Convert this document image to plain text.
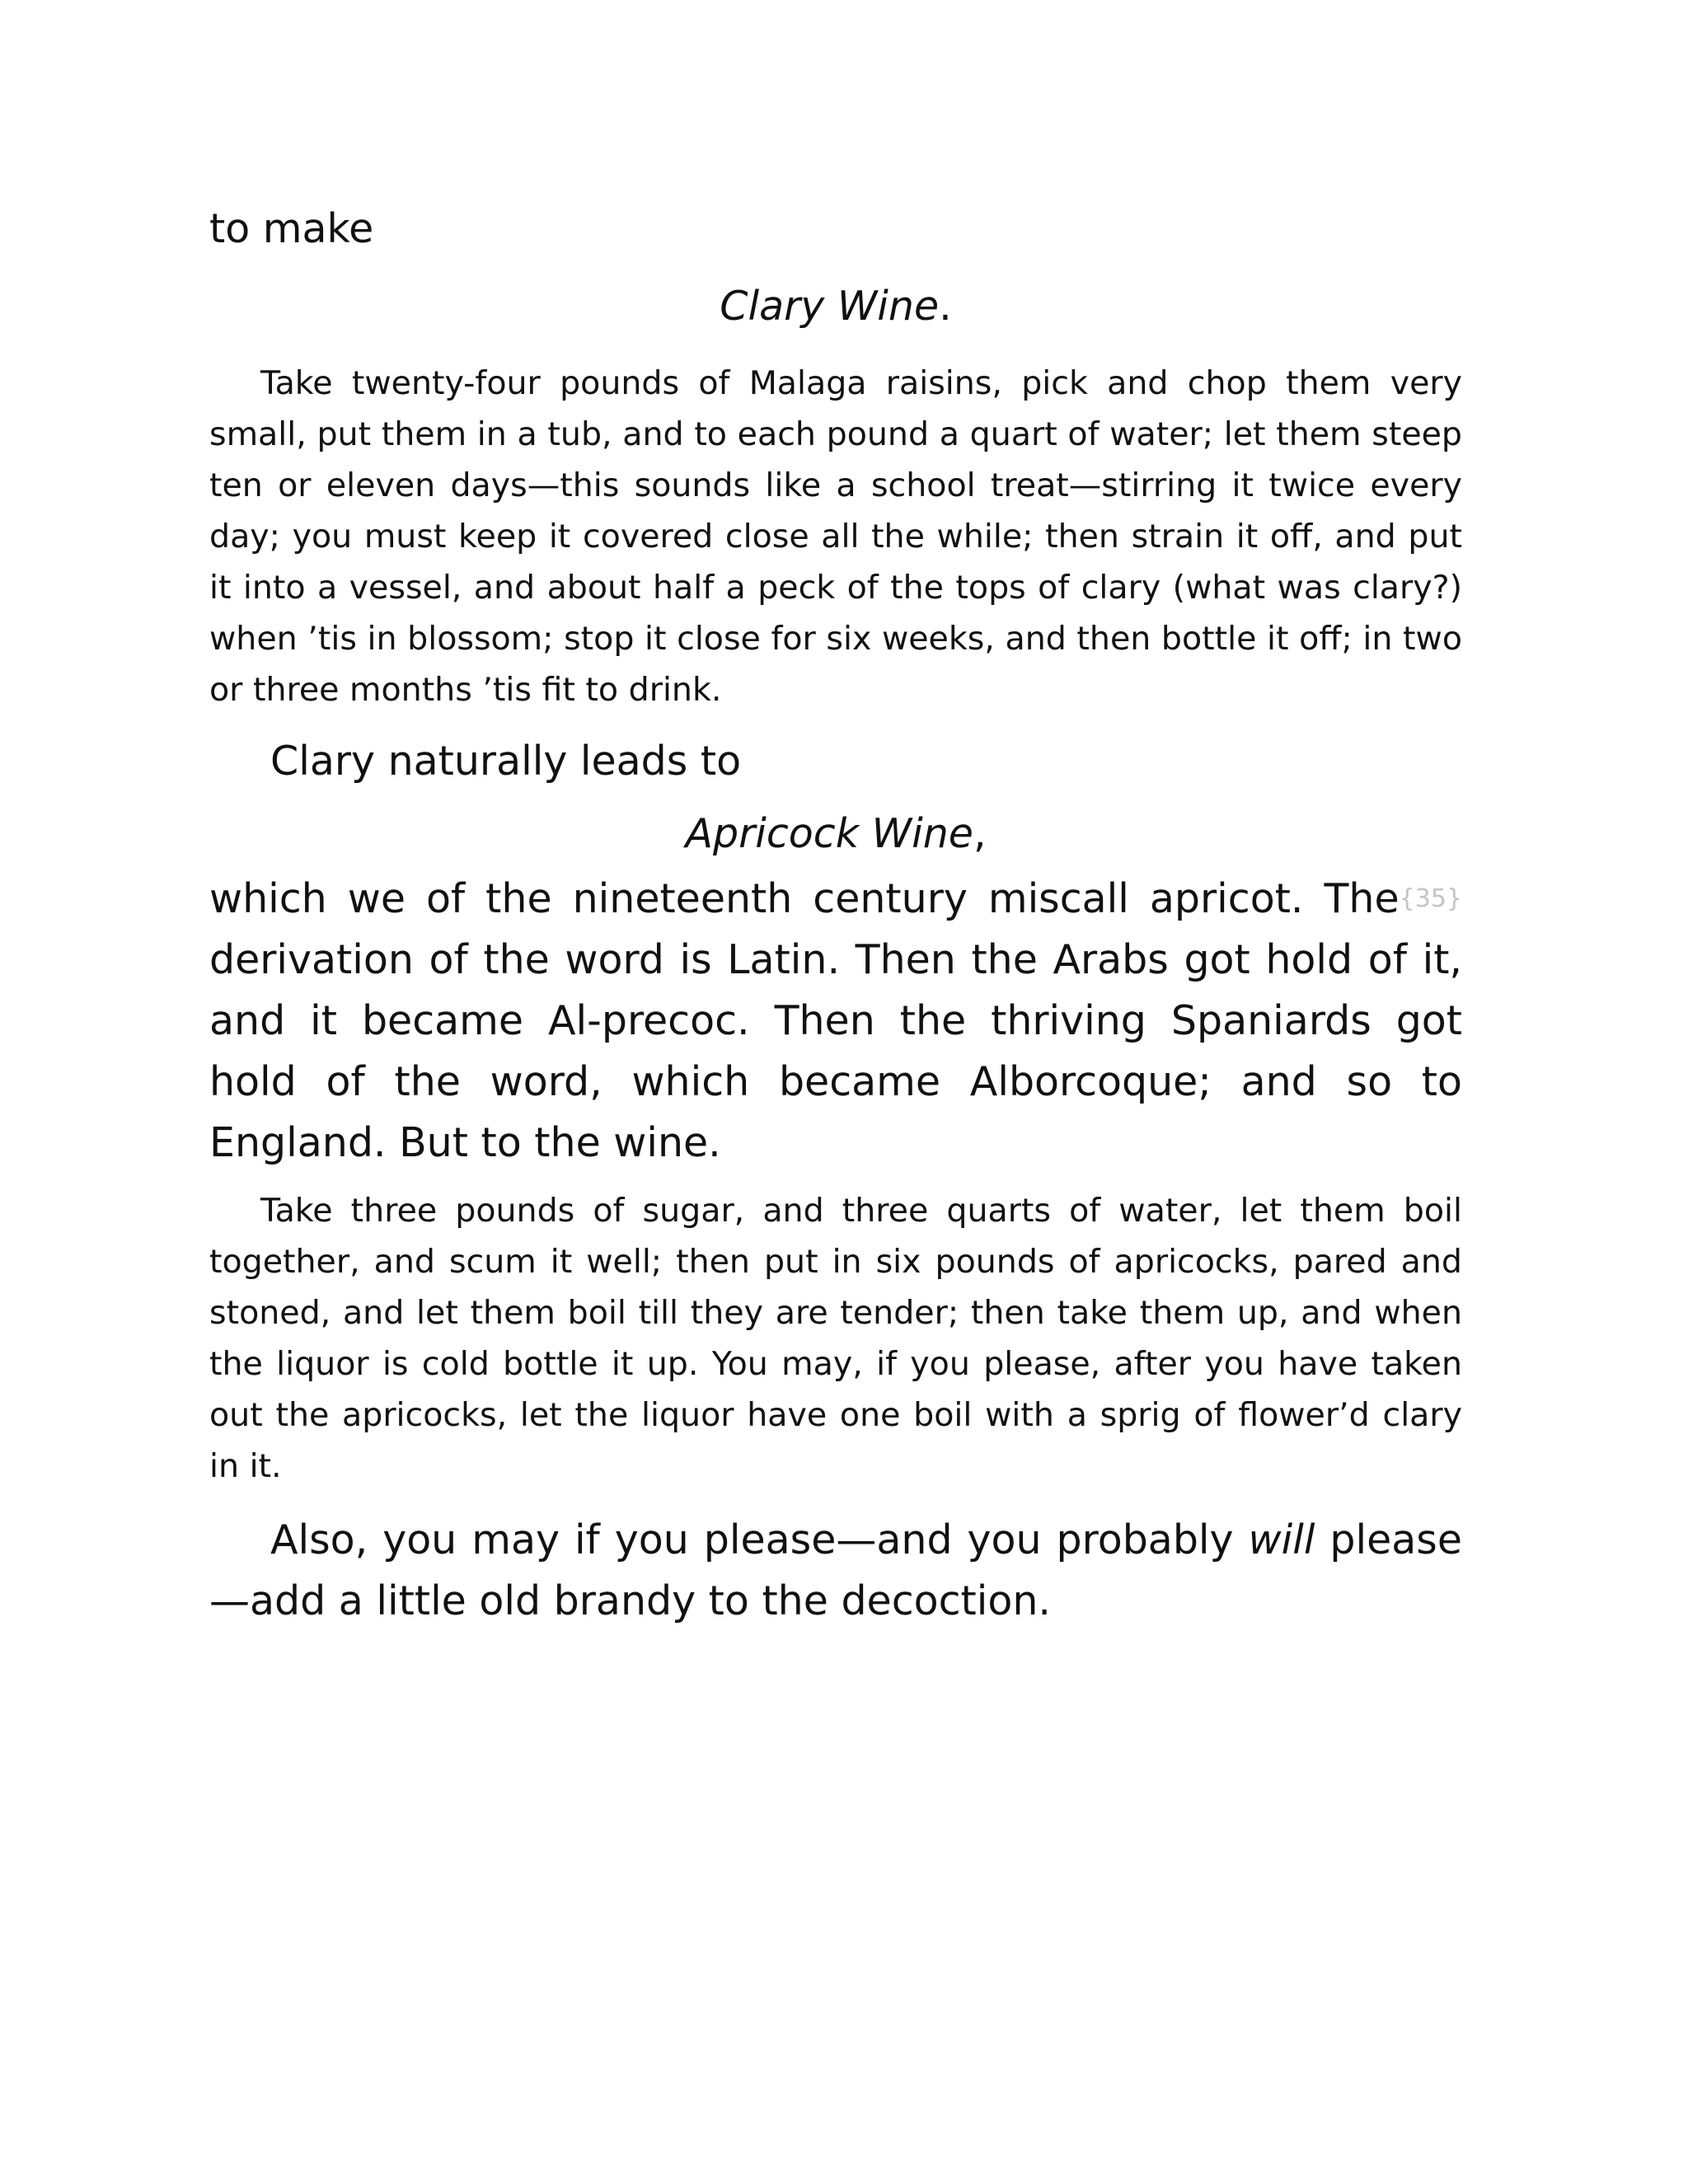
to make

Clary Wine.

Take twenty-four pounds of Malaga raisins, pick and chop them very small, put them in a tub, and to each pound a quart of water; let them steep ten or eleven days—this sounds like a school treat—stirring it twice every day; you must keep it covered close all the while; then strain it off, and put it into a vessel, and about half a peck of the tops of clary (what was clary?) when ’tis in blossom; stop it close for six weeks, and then bottle it off; in two or three months ’tis fit to drink.

Clary naturally leads to

Apricock Wine,

{35}
which we of the nineteenth century miscall apricot. The derivation of the word is Latin. Then the Arabs got hold of it, and it became Al-precoc. Then the thriving Spaniards got hold of the word, which became Alborcoque; and so to England. But to the wine.

Take three pounds of sugar, and three quarts of water, let them boil together, and scum it well; then put in six pounds of apricocks, pared and stoned, and let them boil till they are tender; then take them up, and when the liquor is cold bottle it up. You may, if you please, after you have taken out the apricocks, let the liquor have one boil with a sprig of flower’d clary in it.

Also, you may if you please—and you probably will please—add a little old brandy to the decoction.
